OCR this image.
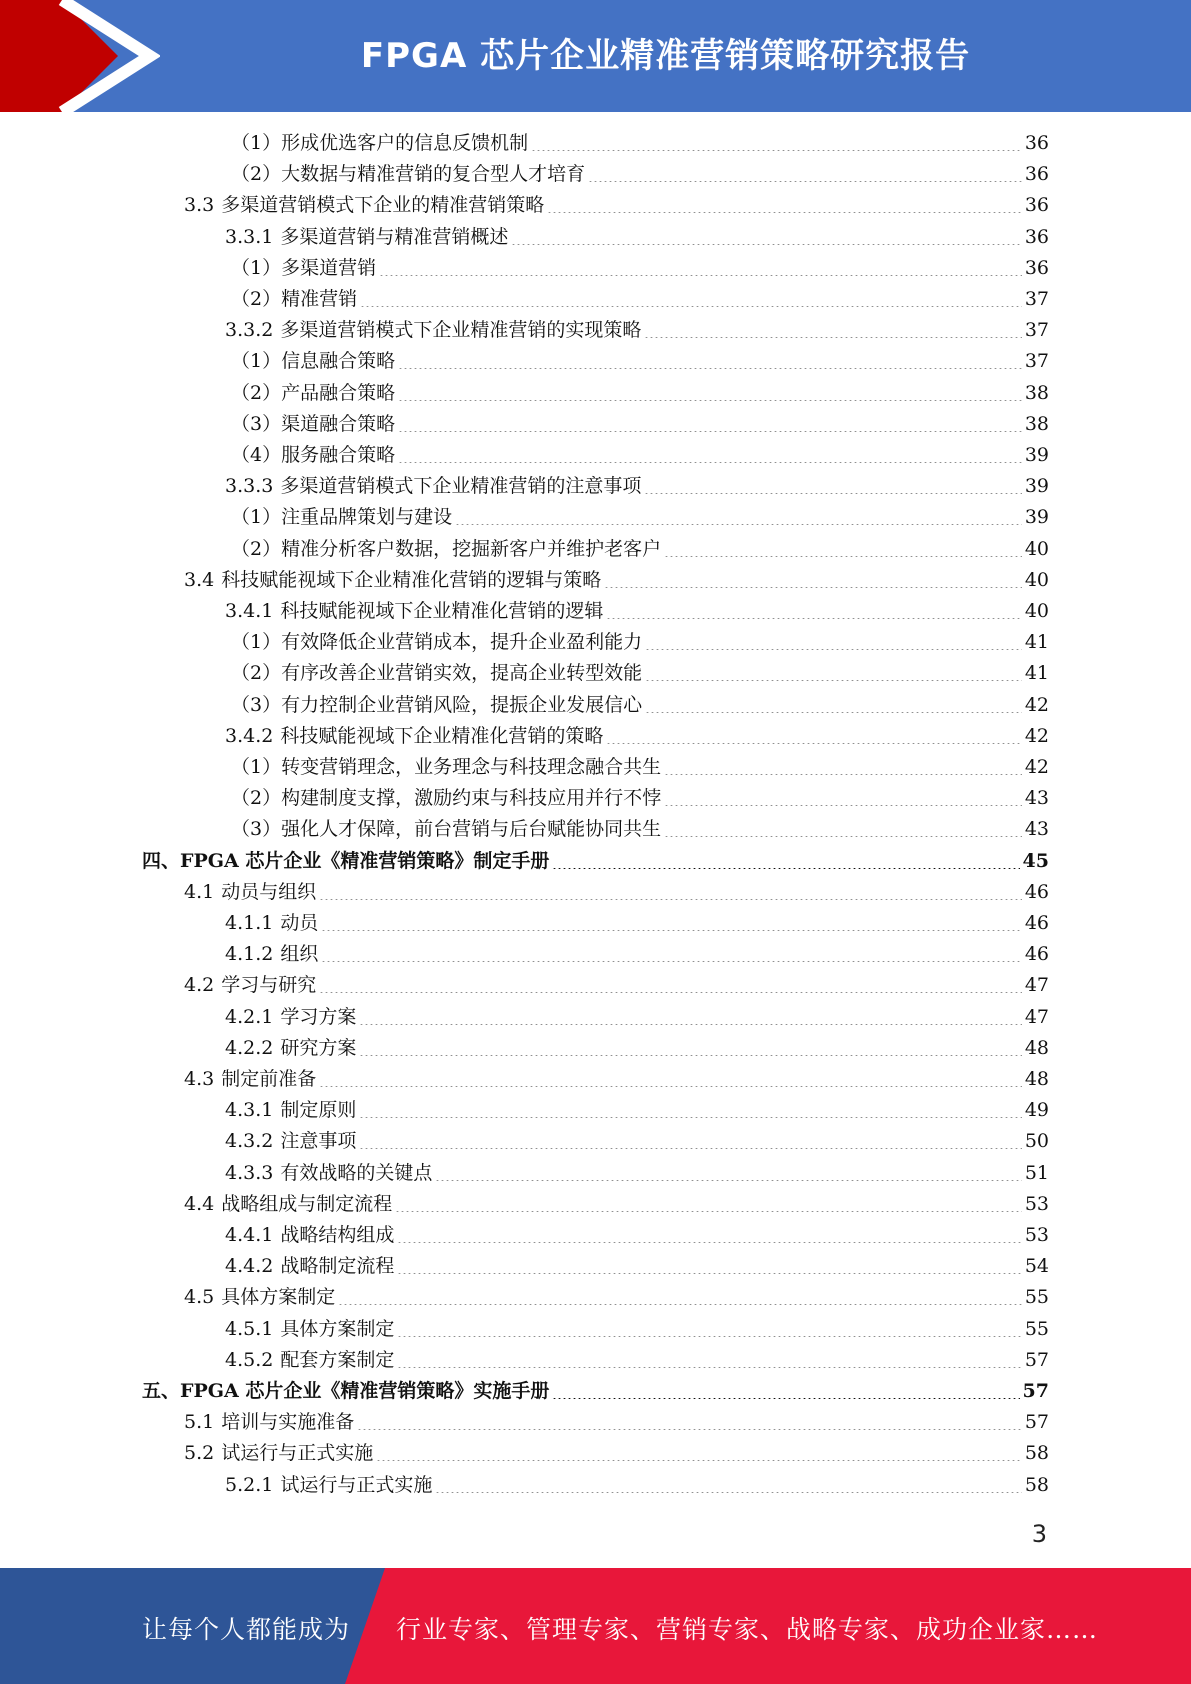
FPGA 芯片企业精准营销策略研究报告
（1）形成优选客户的信息反馈机制	36
（2）大数据与精准营销的复合型人才培育	36
3.3 多渠道营销模式下企业的精准营销策略	36
3.3.1 多渠道营销与精准营销概述	36
（1）多渠道营销	36
（2）精准营销	37
3.3.2 多渠道营销模式下企业精准营销的实现策略	37
（1）信息融合策略	37
（2）产品融合策略	38
（3）渠道融合策略	38
（4）服务融合策略	39
3.3.3 多渠道营销模式下企业精准营销的注意事项	39
（1）注重品牌策划与建设	39
（2）精准分析客户数据，挖掘新客户并维护老客户	40
3.4 科技赋能视域下企业精准化营销的逻辑与策略	40
3.4.1 科技赋能视域下企业精准化营销的逻辑	40
（1）有效降低企业营销成本，提升企业盈利能力	41
（2）有序改善企业营销实效，提高企业转型效能	41
（3）有力控制企业营销风险，提振企业发展信心	42
3.4.2 科技赋能视域下企业精准化营销的策略	42
（1）转变营销理念，业务理念与科技理念融合共生	42
（2）构建制度支撑，激励约束与科技应用并行不悖	43
（3）强化人才保障，前台营销与后台赋能协同共生	43
四、FPGA 芯片企业《精准营销策略》制定手册	45
4.1 动员与组织	46
4.1.1 动员	46
4.1.2 组织	46
4.2 学习与研究	47
4.2.1 学习方案	47
4.2.2 研究方案	48
4.3 制定前准备	48
4.3.1 制定原则	49
4.3.2 注意事项	50
4.3.3 有效战略的关键点	51
4.4 战略组成与制定流程	53
4.4.1 战略结构组成	53
4.4.2 战略制定流程	54
4.5 具体方案制定	55
4.5.1 具体方案制定	55
4.5.2 配套方案制定	57
五、FPGA 芯片企业《精准营销策略》实施手册	57
5.1 培训与实施准备	57
5.2 试运行与正式实施	58
5.2.1 试运行与正式实施	58
3
让每个人都能成为 行业专家、管理专家、营销专家、战略专家、成功企业家……
